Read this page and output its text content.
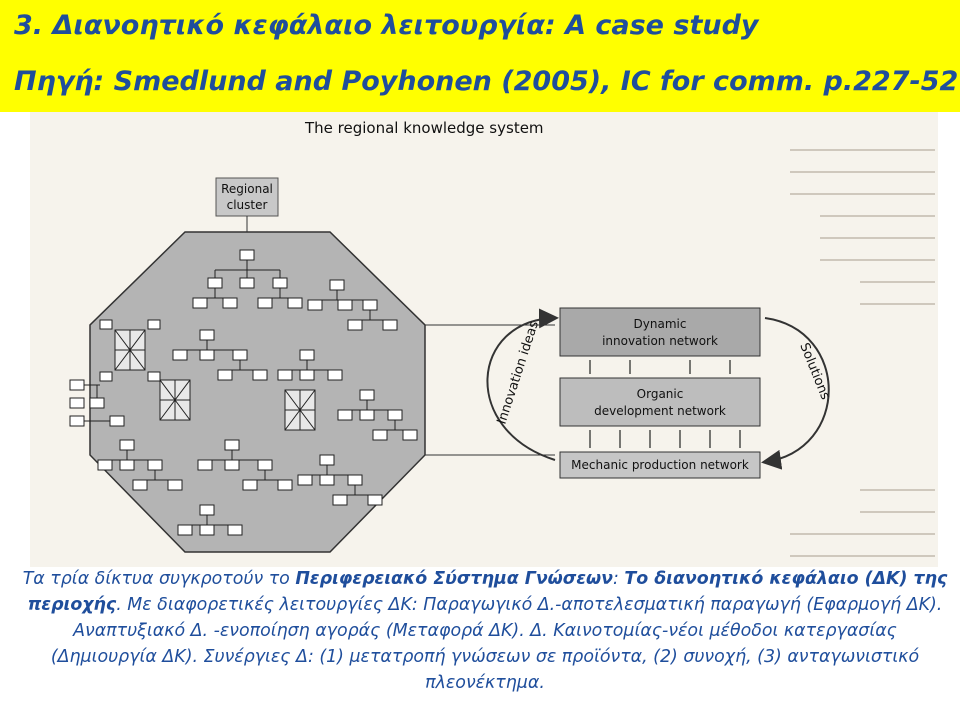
3. Διανοητικό κεφάλαιο λειτουργία: A case study
Πηγή: Smedlund and Poyhonen (2005), IC for comm. p.227-52
The regional knowledge system
Regional
cluster
Dynamic
innovation network
Organic
development network
Mechanic production network
Innovation ideas	Solutions
Τα τρία δίκτυα συγκροτούν το Περιφερειακό Σύστημα Γνώσεων: Το διανοητικό κεφάλαιο (ΔΚ) της περιοχής. Με διαφορετικές λειτουργίες ΔΚ: Παραγωγικό Δ.-αποτελεσματική παραγωγή (Εφαρμογή ΔΚ). Αναπτυξιακό Δ. -ενοποίηση αγοράς (Μεταφορά ΔΚ). Δ. Καινοτομίας-νέοι μέθοδοι κατεργασίας (Δημιουργία ΔΚ). Συνέργιες Δ: (1) μετατροπή γνώσεων σε προϊόντα, (2) συνοχή, (3) ανταγωνιστικό πλεονέκτημα.
